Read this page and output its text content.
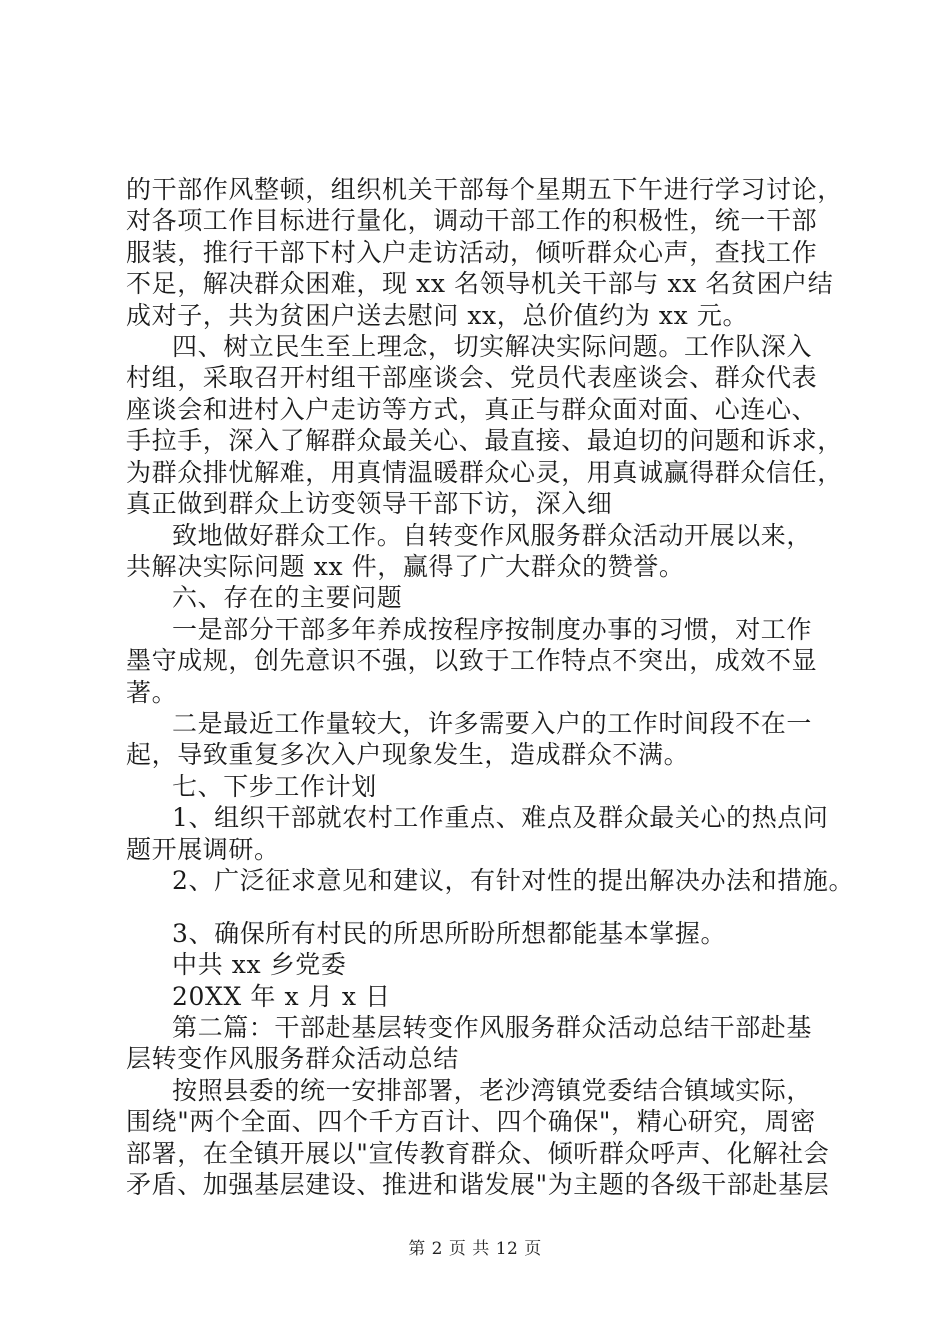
的干部作风整顿，组织机关干部每个星期五下午进行学习讨论，
对各项工作目标进行量化，调动干部工作的积极性，统一干部
服装，推行干部下村入户走访活动，倾听群众心声，查找工作
不足，解决群众困难，现 xx 名领导机关干部与 xx 名贫困户结
成对子，共为贫困户送去慰问 xx，总价值约为 xx 元。
四、树立民生至上理念，切实解决实际问题。工作队深入
村组，采取召开村组干部座谈会、党员代表座谈会、群众代表
座谈会和进村入户走访等方式，真正与群众面对面、心连心、
手拉手，深入了解群众最关心、最直接、最迫切的问题和诉求，
为群众排忧解难，用真情温暖群众心灵，用真诚赢得群众信任，
真正做到群众上访变领导干部下访，深入细
致地做好群众工作。自转变作风服务群众活动开展以来，
共解决实际问题 xx 件，赢得了广大群众的赞誉。
六、存在的主要问题
一是部分干部多年养成按程序按制度办事的习惯，对工作
墨守成规，创先意识不强，以致于工作特点不突出，成效不显
著。
二是最近工作量较大，许多需要入户的工作时间段不在一
起，导致重复多次入户现象发生，造成群众不满。
七、下步工作计划
1、组织干部就农村工作重点、难点及群众最关心的热点问
题开展调研。
2、广泛征求意见和建议，有针对性的提出解决办法和措施。
3、确保所有村民的所思所盼所想都能基本掌握。
中共 xx 乡党委
20XX 年 x 月 x 日
第二篇：干部赴基层转变作风服务群众活动总结干部赴基
层转变作风服务群众活动总结
按照县委的统一安排部署，老沙湾镇党委结合镇域实际，
围绕"两个全面、四个千方百计、四个确保"，精心研究，周密
部署，在全镇开展以"宣传教育群众、倾听群众呼声、化解社会
矛盾、加强基层建设、推进和谐发展"为主题的各级干部赴基层
第 2 页 共 12 页
